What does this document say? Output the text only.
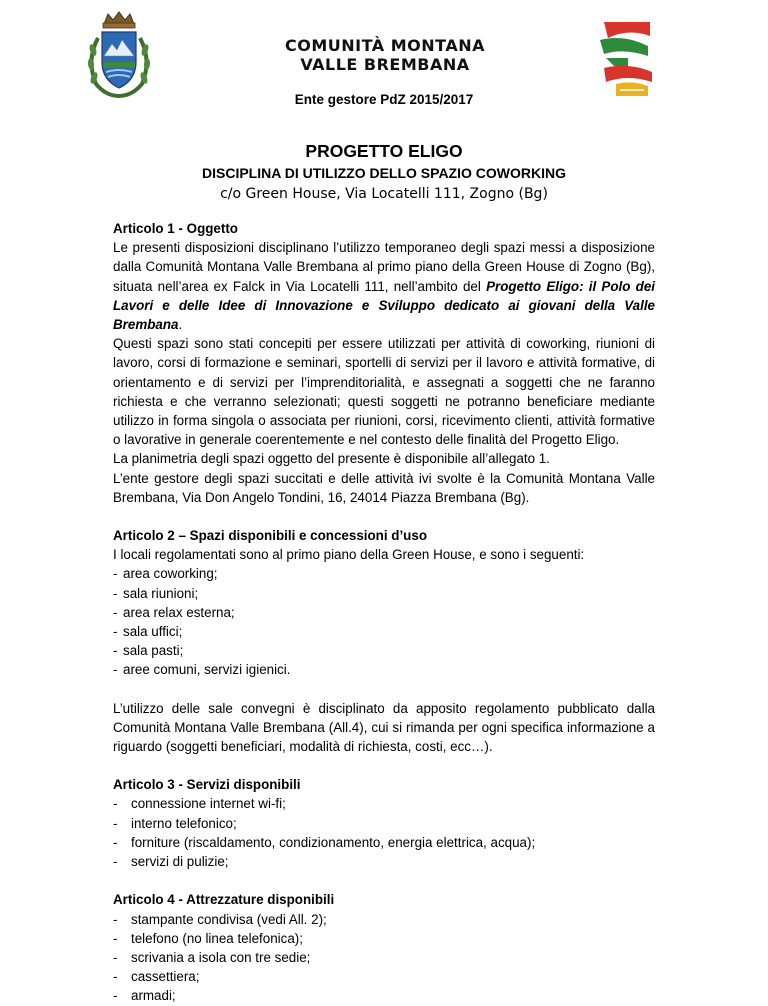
COMUNITÀ MONTANA
VALLE BREMBANA
Ente gestore PdZ 2015/2017
PROGETTO ELIGO
DISCIPLINA DI UTILIZZO DELLO SPAZIO COWORKING
c/o Green House, Via Locatelli 111, Zogno (Bg)

Articolo 1 - Oggetto

Le presenti disposizioni disciplinano l’utilizzo temporaneo degli spazi messi a disposizione dalla Comunità Montana Valle Brembana al primo piano della Green House di Zogno (Bg), situata nell’area ex Falck in Via Locatelli 111, nell’ambito del Progetto Eligo: il Polo dei Lavori e delle Idee di Innovazione e Sviluppo dedicato ai giovani della Valle Brembana.

Questi spazi sono stati concepiti per essere utilizzati per attività di coworking, riunioni di lavoro, corsi di formazione e seminari, sportelli di servizi per il lavoro e attività formative, di orientamento e di servizi per l’imprenditorialità, e assegnati a soggetti che ne faranno richiesta e che verranno selezionati; questi soggetti ne potranno beneficiare mediante utilizzo in forma singola o associata per riunioni, corsi, ricevimento clienti, attività formative o lavorative in generale coerentemente e nel contesto delle finalità del Progetto Eligo.

La planimetria degli spazi oggetto del presente è disponibile all’allegato 1.

L’ente gestore degli spazi succitati e delle attività ivi svolte è la Comunità Montana Valle Brembana, Via Don Angelo Tondini, 16, 24014 Piazza Brembana (Bg).

Articolo 2 – Spazi disponibili e concessioni d’uso

I locali regolamentati sono al primo piano della Green House, e sono i seguenti:

- area coworking;
- sala riunioni;
- area relax esterna;
- sala uffici;
- sala pasti;
- aree comuni, servizi igienici.

L’utilizzo delle sale convegni è disciplinato da apposito regolamento pubblicato dalla Comunità Montana Valle Brembana (All.4), cui si rimanda per ogni specifica informazione a riguardo (soggetti beneficiari, modalità di richiesta, costi, ecc…).

Articolo 3 - Servizi disponibili

- connessione internet wi-fi;
- interno telefonico;
- forniture (riscaldamento, condizionamento, energia elettrica, acqua);
- servizi di pulizie;

Articolo 4 - Attrezzature disponibili

- stampante condivisa (vedi All. 2);
- telefono (no linea telefonica);
- scrivania a isola con tre sedie;
- cassettiera;
- armadi;
